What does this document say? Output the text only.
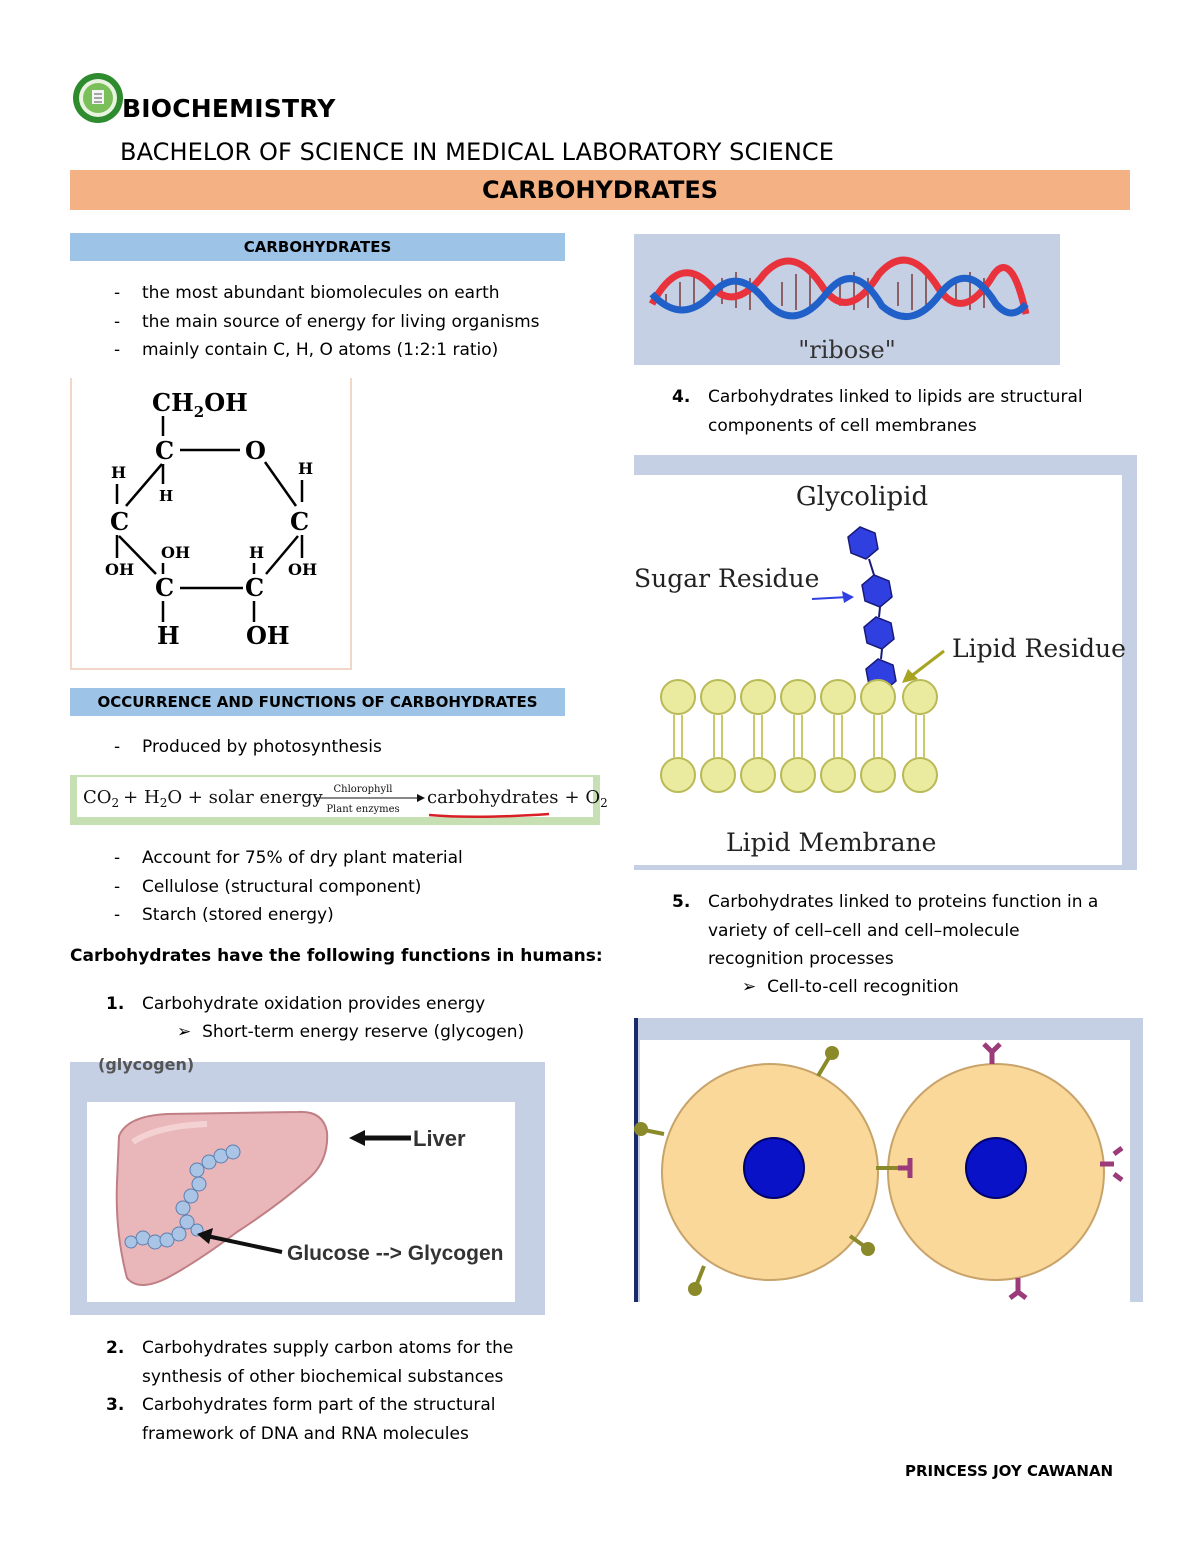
BIOCHEMISTRY
BACHELOR OF SCIENCE IN MEDICAL LABORATORY SCIENCE
CARBOHYDRATES
CARBOHYDRATES
- the most abundant biomolecules on earth
- the main source of energy for living organisms
- mainly contain C, H, O atoms (1:2:1 ratio)
$CH_2OH$
C	O
C	C
C	C
H
H
H
OH
OH	H
OH
H	OH
OCCURRENCE AND FUNCTIONS OF CARBOHYDRATES
- Produced by photosynthesis
$CO_2 + H_2O$ + solar energy Chlorophyll
Plant enzymes
carbohydrates + $O_2$
- Account for 75% of dry plant material
- Cellulose (structural component)
- Starch (stored energy)
Carbohydrates have the following functions in humans:
1. Carbohydrate oxidation provides energy
➢ Short-term energy reserve (glycogen)
(glycogen)
Liver
Glucose --> Glycogen
2. Carbohydrates supply carbon atoms for the
synthesis of other biochemical substances
3. Carbohydrates form part of the structural
framework of DNA and RNA molecules
"ribose"
4. Carbohydrates linked to lipids are structural
components of cell membranes
Glycolipid
Sugar Residue
Lipid Residue
Lipid Membrane
5. Carbohydrates linked to proteins function in a
variety of cell–cell and cell–molecule
recognition processes
➢ Cell-to-cell recognition
PRINCESS JOY CAWANAN
